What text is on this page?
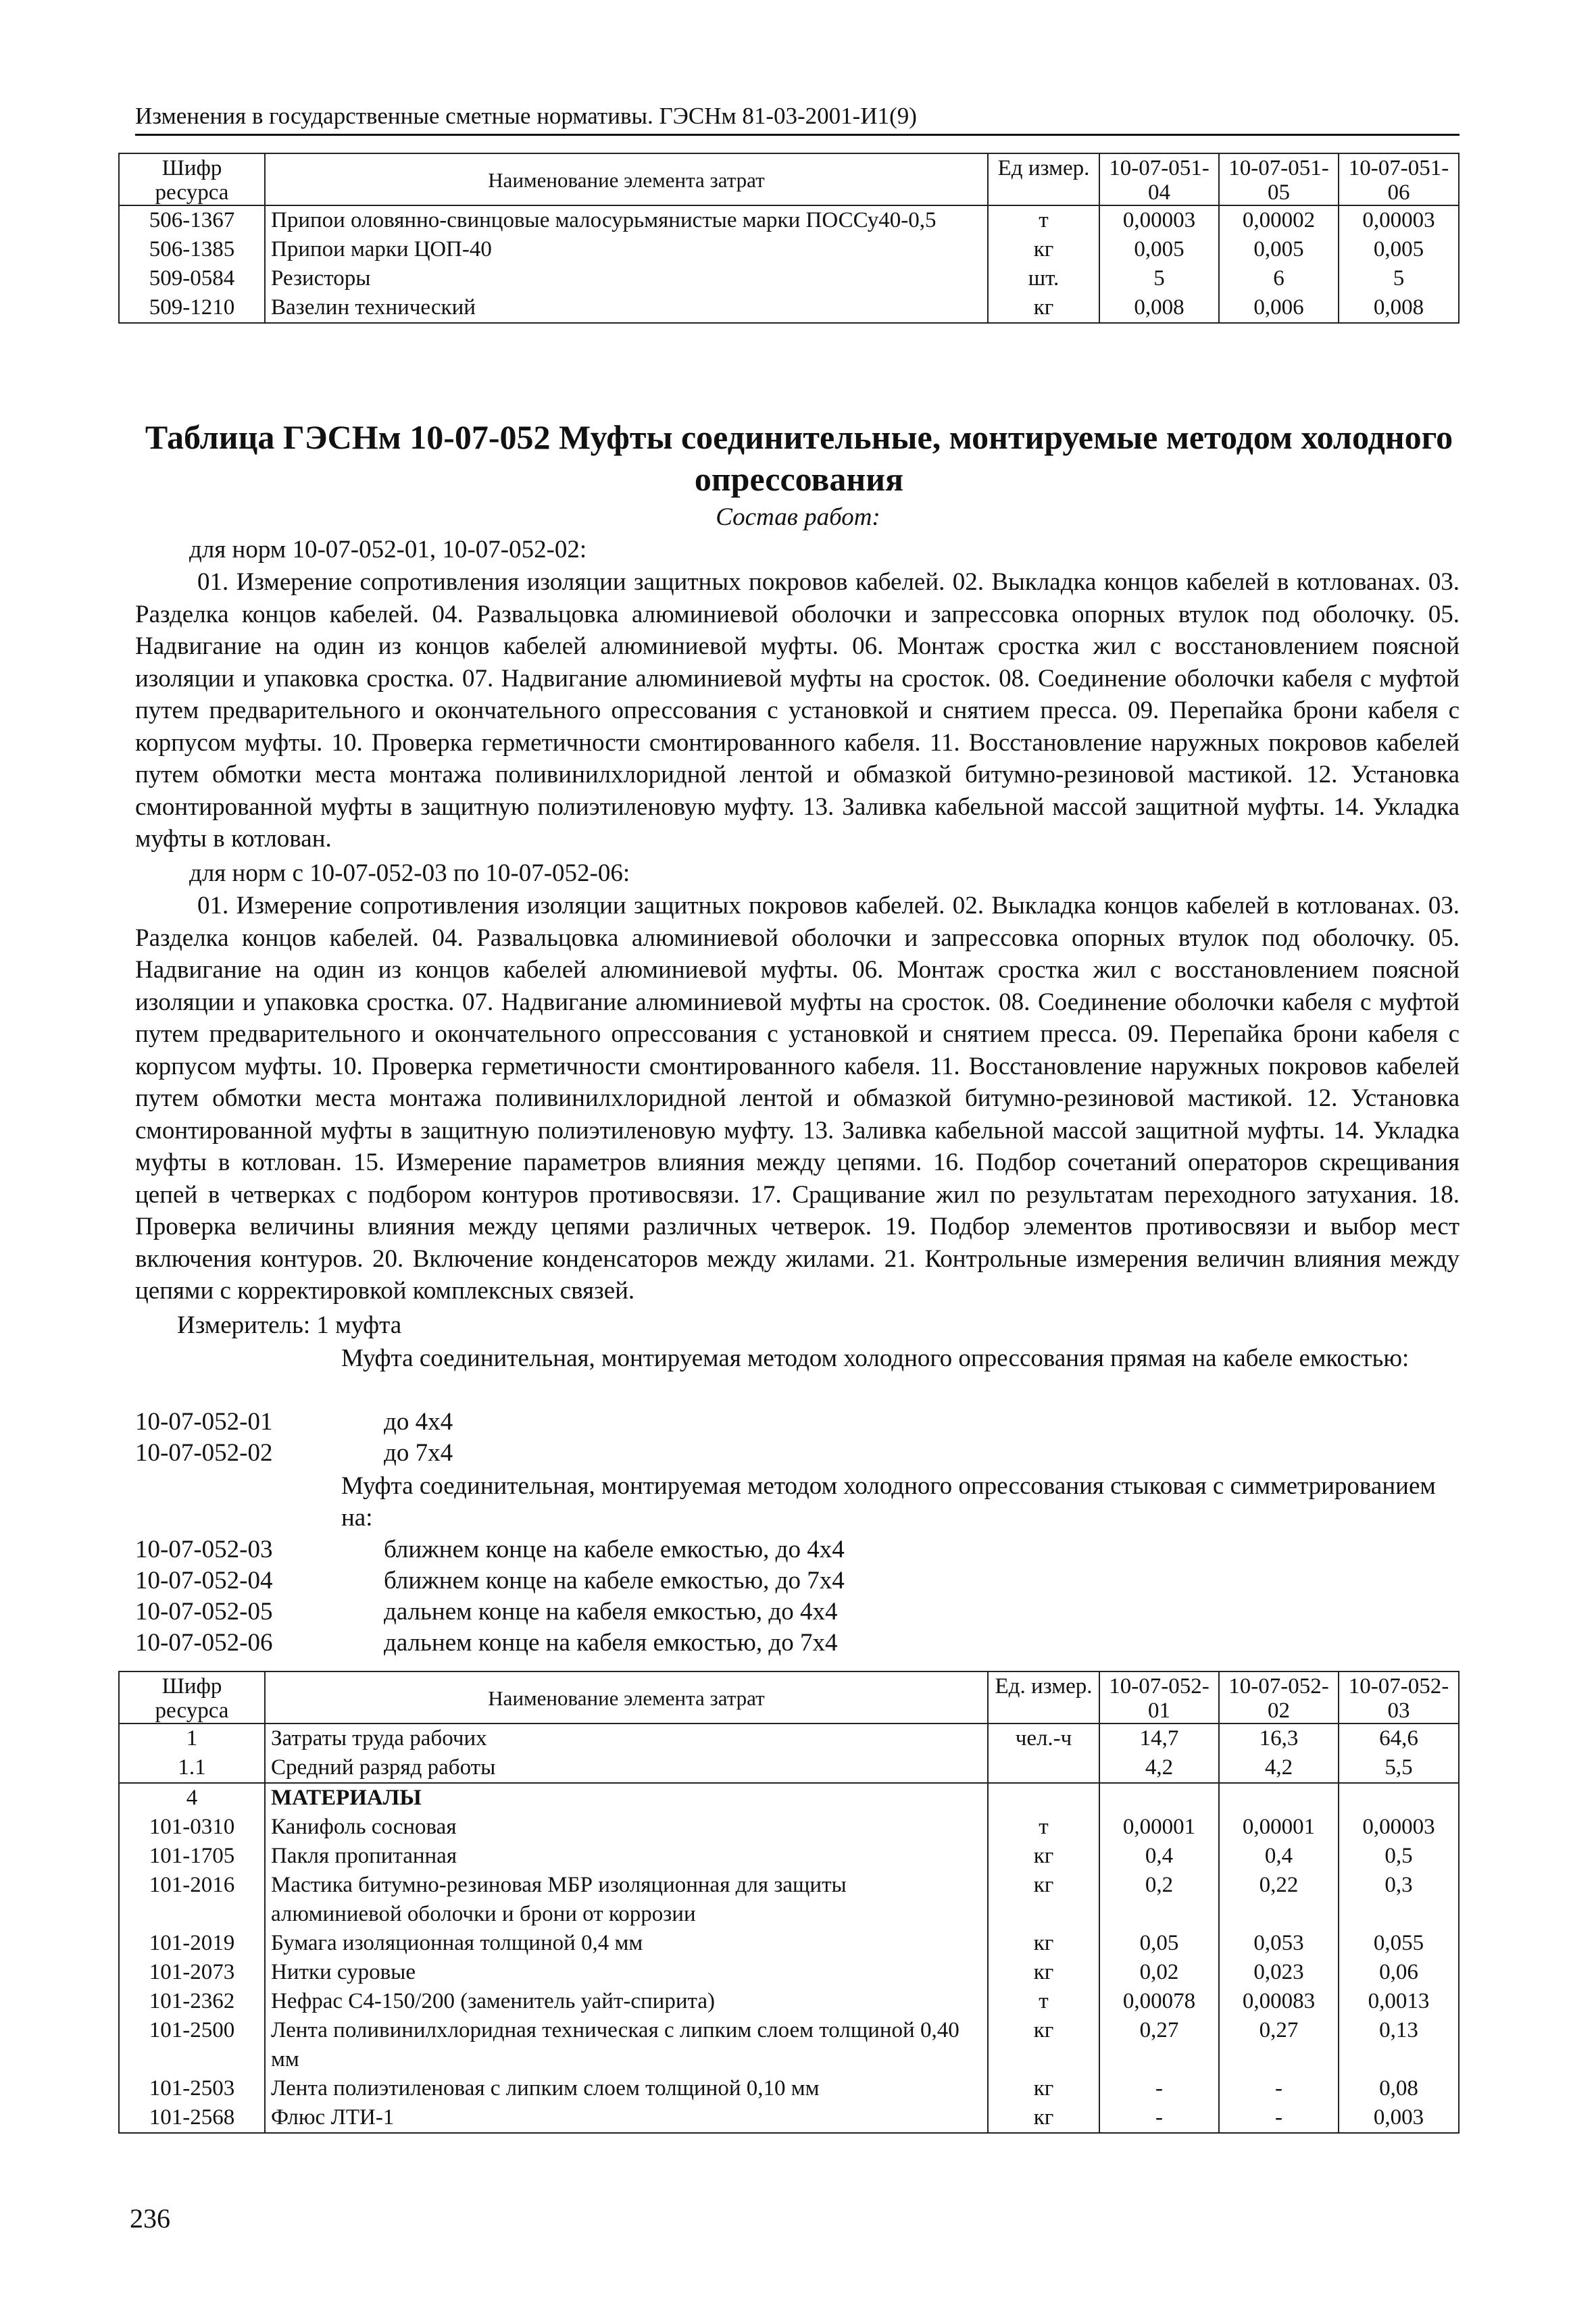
Изменения в государственные сметные нормативы. ГЭСНм 81-03-2001-И1(9)
Шифр ресурса	Наименование элемента затрат	Ед измер.	10-07-051-04	10-07-051-05	10-07-051-06
506-1367	Припои оловянно-свинцовые малосурьмянистые марки ПОССу40-0,5	т	0,00003	0,00002	0,00003
506-1385	Припои марки ЦОП-40	кг	0,005	0,005	0,005
509-0584	Резисторы	шт.	5	6	5
509-1210	Вазелин технический	кг	0,008	0,006	0,008
Таблица ГЭСНм 10-07-052 Муфты соединительные, монтируемые методом холодного опрессования
Состав работ:
для норм 10-07-052-01, 10-07-052-02:
01. Измерение сопротивления изоляции защитных покровов кабелей. 02. Выкладка концов кабелей в котлованах. 03. Разделка концов кабелей. 04. Развальцовка алюминиевой оболочки и запрессовка опорных втулок под оболочку. 05. Надвигание на один из концов кабелей алюминиевой муфты. 06. Монтаж сростка жил с восстановлением поясной изоляции и упаковка сростка. 07. Надвигание алюминиевой муфты на сросток. 08. Соединение оболочки кабеля с муфтой путем предварительного и окончательного опрессования с установкой и снятием пресса. 09. Перепайка брони кабеля с корпусом муфты. 10. Проверка герметичности смонтированного кабеля. 11. Восстановление наружных покровов кабелей путем обмотки места монтажа поливинилхлоридной лентой и обмазкой битумно-резиновой мастикой. 12. Установка смонтированной муфты в защитную полиэтиленовую муфту. 13. Заливка кабельной массой защитной муфты. 14. Укладка муфты в котлован.
для норм с 10-07-052-03 по 10-07-052-06:
01. Измерение сопротивления изоляции защитных покровов кабелей. 02. Выкладка концов кабелей в котлованах. 03. Разделка концов кабелей. 04. Развальцовка алюминиевой оболочки и запрессовка опорных втулок под оболочку. 05. Надвигание на один из концов кабелей алюминиевой муфты. 06. Монтаж сростка жил с восстановлением поясной изоляции и упаковка сростка. 07. Надвигание алюминиевой муфты на сросток. 08. Соединение оболочки кабеля с муфтой путем предварительного и окончательного опрессования с установкой и снятием пресса. 09. Перепайка брони кабеля с корпусом муфты. 10. Проверка герметичности смонтированного кабеля. 11. Восстановление наружных покровов кабелей путем обмотки места монтажа поливинилхлоридной лентой и обмазкой битумно-резиновой мастикой. 12. Установка смонтированной муфты в защитную полиэтиленовую муфту. 13. Заливка кабельной массой защитной муфты. 14. Укладка муфты в котлован. 15. Измерение параметров влияния между цепями. 16. Подбор сочетаний операторов скрещивания цепей в четверках с подбором контуров противосвязи. 17. Сращивание жил по результатам переходного затухания. 18. Проверка величины влияния между цепями различных четверок. 19. Подбор элементов противосвязи и выбор мест включения контуров. 20. Включение конденсаторов между жилами. 21. Контрольные измерения величин влияния между цепями с корректировкой комплексных связей.
Измеритель: 1 муфта
Муфта соединительная, монтируемая методом холодного опрессования прямая на кабеле емкостью:
10-07-052-01	до 4х4
10-07-052-02	до 7х4
Муфта соединительная, монтируемая методом холодного опрессования стыковая с симметрированием на:
10-07-052-03	ближнем конце на кабеле емкостью, до 4х4
10-07-052-04	ближнем конце на кабеле емкостью, до 7х4
10-07-052-05	дальнем конце на кабеля емкостью, до 4х4
10-07-052-06	дальнем конце на кабеля емкостью, до 7х4
Шифр ресурса	Наименование элемента затрат	Ед. измер.	10-07-052-01	10-07-052-02	10-07-052-03
1	Затраты труда рабочих	чел.-ч	14,7	16,3	64,6
1.1	Средний разряд работы		4,2	4,2	5,5
4	МАТЕРИАЛЫ				
101-0310	Канифоль сосновая	т	0,00001	0,00001	0,00003
101-1705	Пакля пропитанная	кг	0,4	0,4	0,5
101-2016	Мастика битумно-резиновая МБР изоляционная для защиты алюминиевой оболочки и брони от коррозии	кг	0,2	0,22	0,3
101-2019	Бумага изоляционная толщиной 0,4 мм	кг	0,05	0,053	0,055
101-2073	Нитки суровые	кг	0,02	0,023	0,06
101-2362	Нефрас С4-150/200 (заменитель уайт-спирита)	т	0,00078	0,00083	0,0013
101-2500	Лента поливинилхлоридная техническая с липким слоем толщиной 0,40 мм	кг	0,27	0,27	0,13
101-2503	Лента полиэтиленовая с липким слоем толщиной 0,10 мм	кг	-	-	0,08
101-2568	Флюс ЛТИ-1	кг	-	-	0,003
236
